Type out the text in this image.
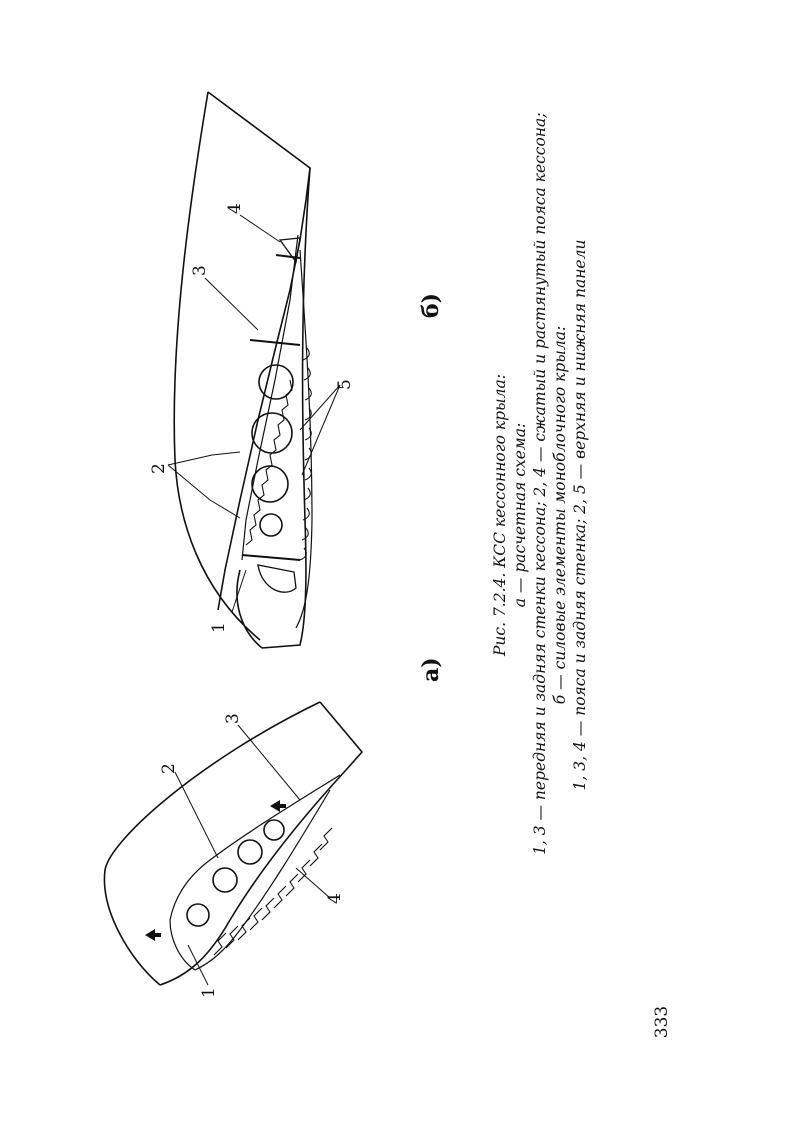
1
2
3
4
5
б)
1
2
3
4
а)
Рис. 7.2.4. КСС кессонного крыла: а — расчетная схема: 1, 3 — передняя и задняя стенки кессона; 2, 4 — сжатый и растянутый пояса кессона; б — силовые элементы моноблочного крыла: 1, 3, 4 — пояса и задняя стенка; 2, 5 — верхняя и нижняя панели
333
